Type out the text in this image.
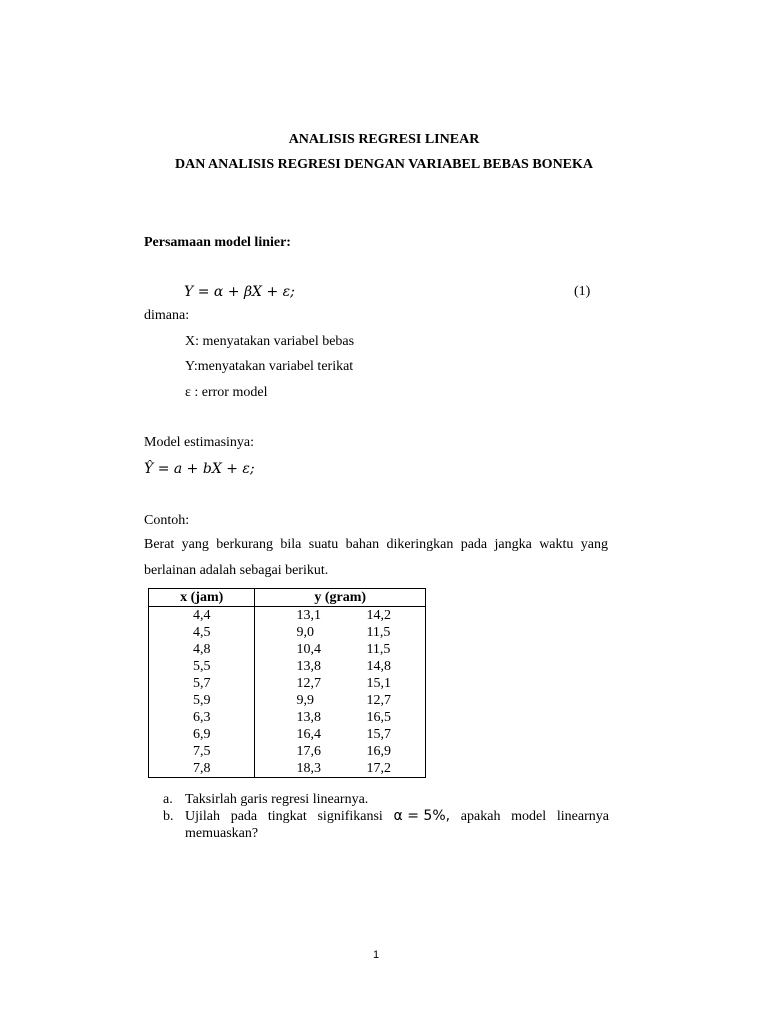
ANALISIS REGRESI LINEAR
DAN ANALISIS REGRESI DENGAN VARIABEL BEBAS BONEKA
Persamaan model linier:
Y = α + βX + ε;	(1)
dimana:
X: menyatakan variabel bebas
Y:menyatakan variabel terikat
ε : error model
Model estimasinya:
Ŷ = a + bX + ε;
Contoh:
Berat yang berkurang bila suatu bahan dikeringkan pada jangka waktu yang
berlainan adalah sebagai berikut.
x (jam)	y (gram)
4,4	13,1 14,2
4,5	9,0 11,5
4,8	10,4 11,5
5,5	13,8 14,8
5,7	12,7 15,1
5,9	9,9 12,7
6,3	13,8 16,5
6,9	16,4 15,7
7,5	17,6 16,9
7,8	18,3 17,2
a. Taksirlah garis regresi linearnya.
b. Ujilah pada tingkat signifikansi α = 5%, apakah model linearnya
memuaskan?
1
